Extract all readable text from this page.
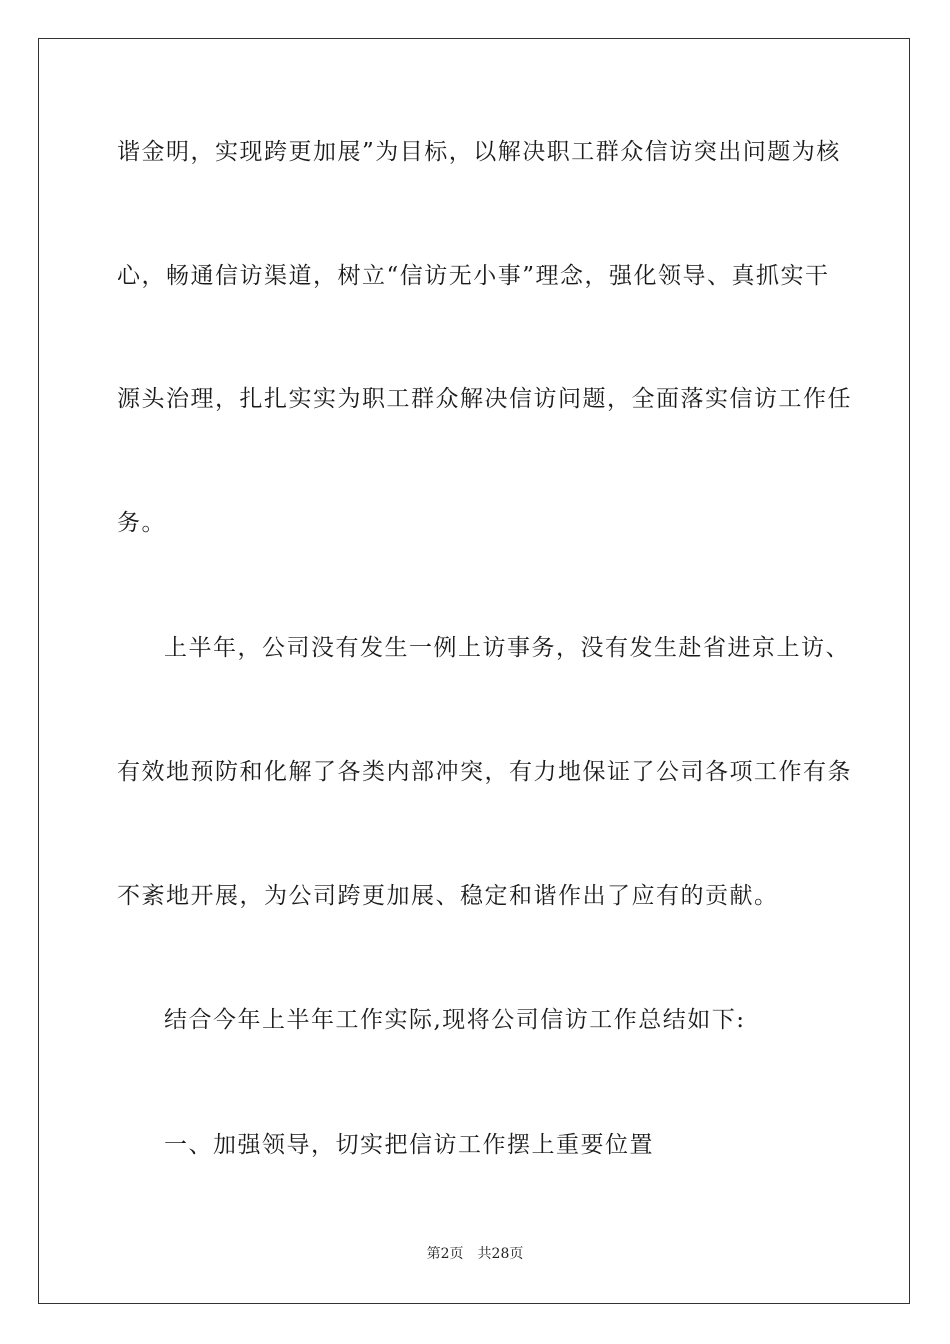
谐金明，实现跨更加展”为目标，以解决职工群众信访突出问题为核
心，畅通信访渠道，树立“信访无小事”理念，强化领导、真抓实干
源头治理，扎扎实实为职工群众解决信访问题，全面落实信访工作任
务。
上半年，公司没有发生一例上访事务，没有发生赴省进京上访、
有效地预防和化解了各类内部冲突，有力地保证了公司各项工作有条
不紊地开展，为公司跨更加展、稳定和谐作出了应有的贡献。
结合今年上半年工作实际,现将公司信访工作总结如下:
一、加强领导，切实把信访工作摆上重要位置
第2页　共28页
